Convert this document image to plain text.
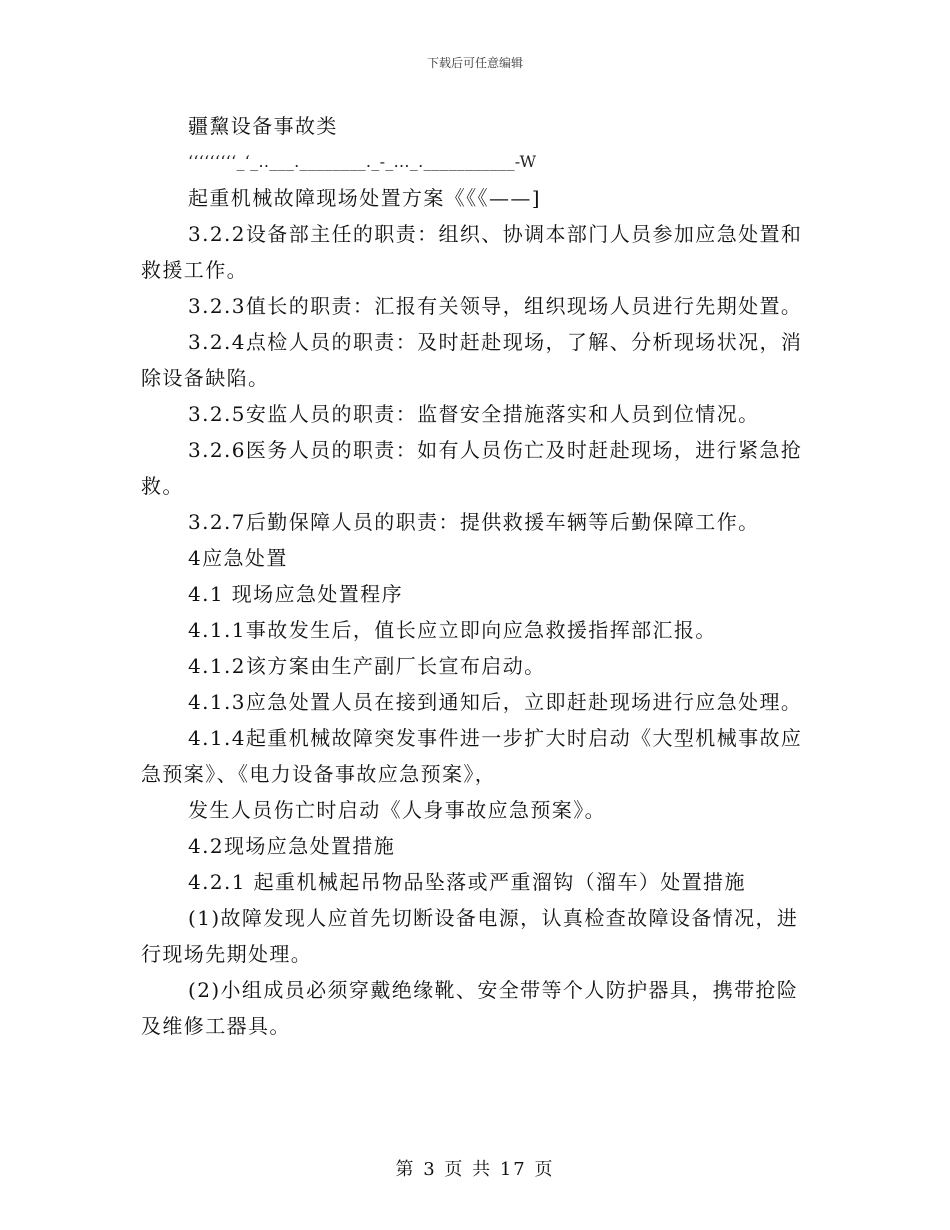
下载后可任意编辑

疆黧设备事故类

‘‘‘‘‘‘‘‘‘_‘_..___.________._-_..._.___________-W

起重机械故障现场处置方案《《《——]

3.2.2设备部主任的职责：组织、协调本部门人员参加应急处置和救援工作。

3.2.3值长的职责：汇报有关领导，组织现场人员进行先期处置。

3.2.4点检人员的职责：及时赶赴现场，了解、分析现场状况，消除设备缺陷。

3.2.5安监人员的职责：监督安全措施落实和人员到位情况。

3.2.6医务人员的职责：如有人员伤亡及时赶赴现场，进行紧急抢救。

3.2.7后勤保障人员的职责：提供救援车辆等后勤保障工作。

4应急处置

4.1 现场应急处置程序

4.1.1事故发生后，值长应立即向应急救援指挥部汇报。

4.1.2该方案由生产副厂长宣布启动。

4.1.3应急处置人员在接到通知后，立即赶赴现场进行应急处理。

4.1.4起重机械故障突发事件进一步扩大时启动《大型机械事故应急预案》、《电力设备事故应急预案》，

发生人员伤亡时启动《人身事故应急预案》。

4.2现场应急处置措施

4.2.1 起重机械起吊物品坠落或严重溜钩（溜车）处置措施

(1)故障发现人应首先切断设备电源，认真检查故障设备情况，进行现场先期处理。

(2)小组成员必须穿戴绝缘靴、安全带等个人防护器具，携带抢险及维修工器具。

第 3 页 共 17 页
